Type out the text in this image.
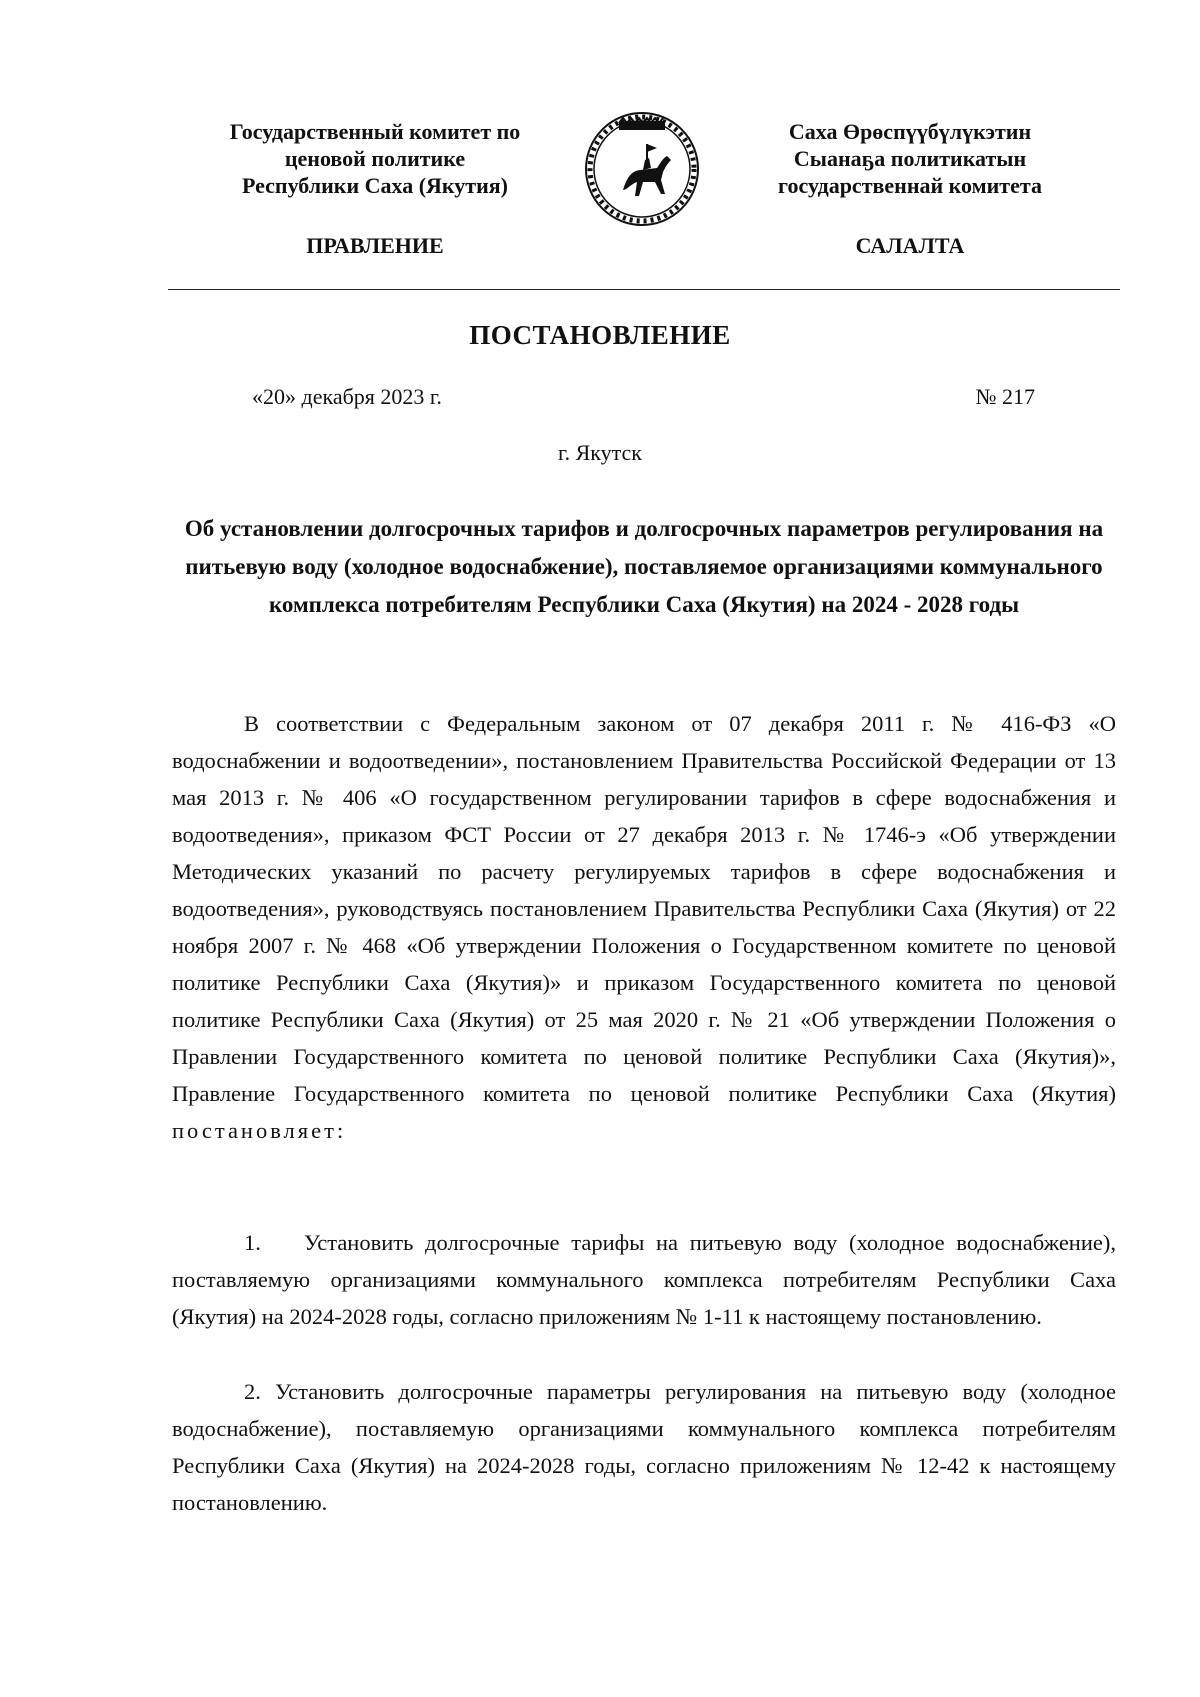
Государственный комитет по
ценовой политике
Республики Саха (Якутия)
Саха Өрөспүүбүлүкэтин
Сыанаҕа политикатын
государственнай комитета
ПРАВЛЕНИЕ	САЛАЛТА
ПОСТАНОВЛЕНИЕ
«20» декабря 2023 г.	№ 217
г. Якутск
Об установлении долгосрочных тарифов и долгосрочных параметров регулирования на питьевую воду (холодное водоснабжение), поставляемое организациями коммунального комплекса потребителям Республики Саха (Якутия) на 2024 - 2028 годы

В соответствии с Федеральным законом от 07 декабря 2011 г. № 416-ФЗ «О водоснабжении и водоотведении», постановлением Правительства Российской Федерации от 13 мая 2013 г. № 406 «О государственном регулировании тарифов в сфере водоснабжения и водоотведения», приказом ФСТ России от 27 декабря 2013 г. № 1746-э «Об утверждении Методических указаний по расчету регулируемых тарифов в сфере водоснабжения и водоотведения», руководствуясь постановлением Правительства Республики Саха (Якутия) от 22 ноября 2007 г. № 468 «Об утверждении Положения о Государственном комитете по ценовой политике Республики Саха (Якутия)» и приказом Государственного комитета по ценовой политике Республики Саха (Якутия) от 25 мая 2020 г. № 21 «Об утверждении Положения о Правлении Государственного комитета по ценовой политике Республики Саха (Якутия)», Правление Государственного комитета по ценовой политике Республики Саха (Якутия) постановляет:

1. Установить долгосрочные тарифы на питьевую воду (холодное водоснабжение), поставляемую организациями коммунального комплекса потребителям Республики Саха (Якутия) на 2024-2028 годы, согласно приложениям № 1-11 к настоящему постановлению.

2. Установить долгосрочные параметры регулирования на питьевую воду (холодное водоснабжение), поставляемую организациями коммунального комплекса потребителям Республики Саха (Якутия) на 2024-2028 годы, согласно приложениям № 12-42 к настоящему постановлению.
